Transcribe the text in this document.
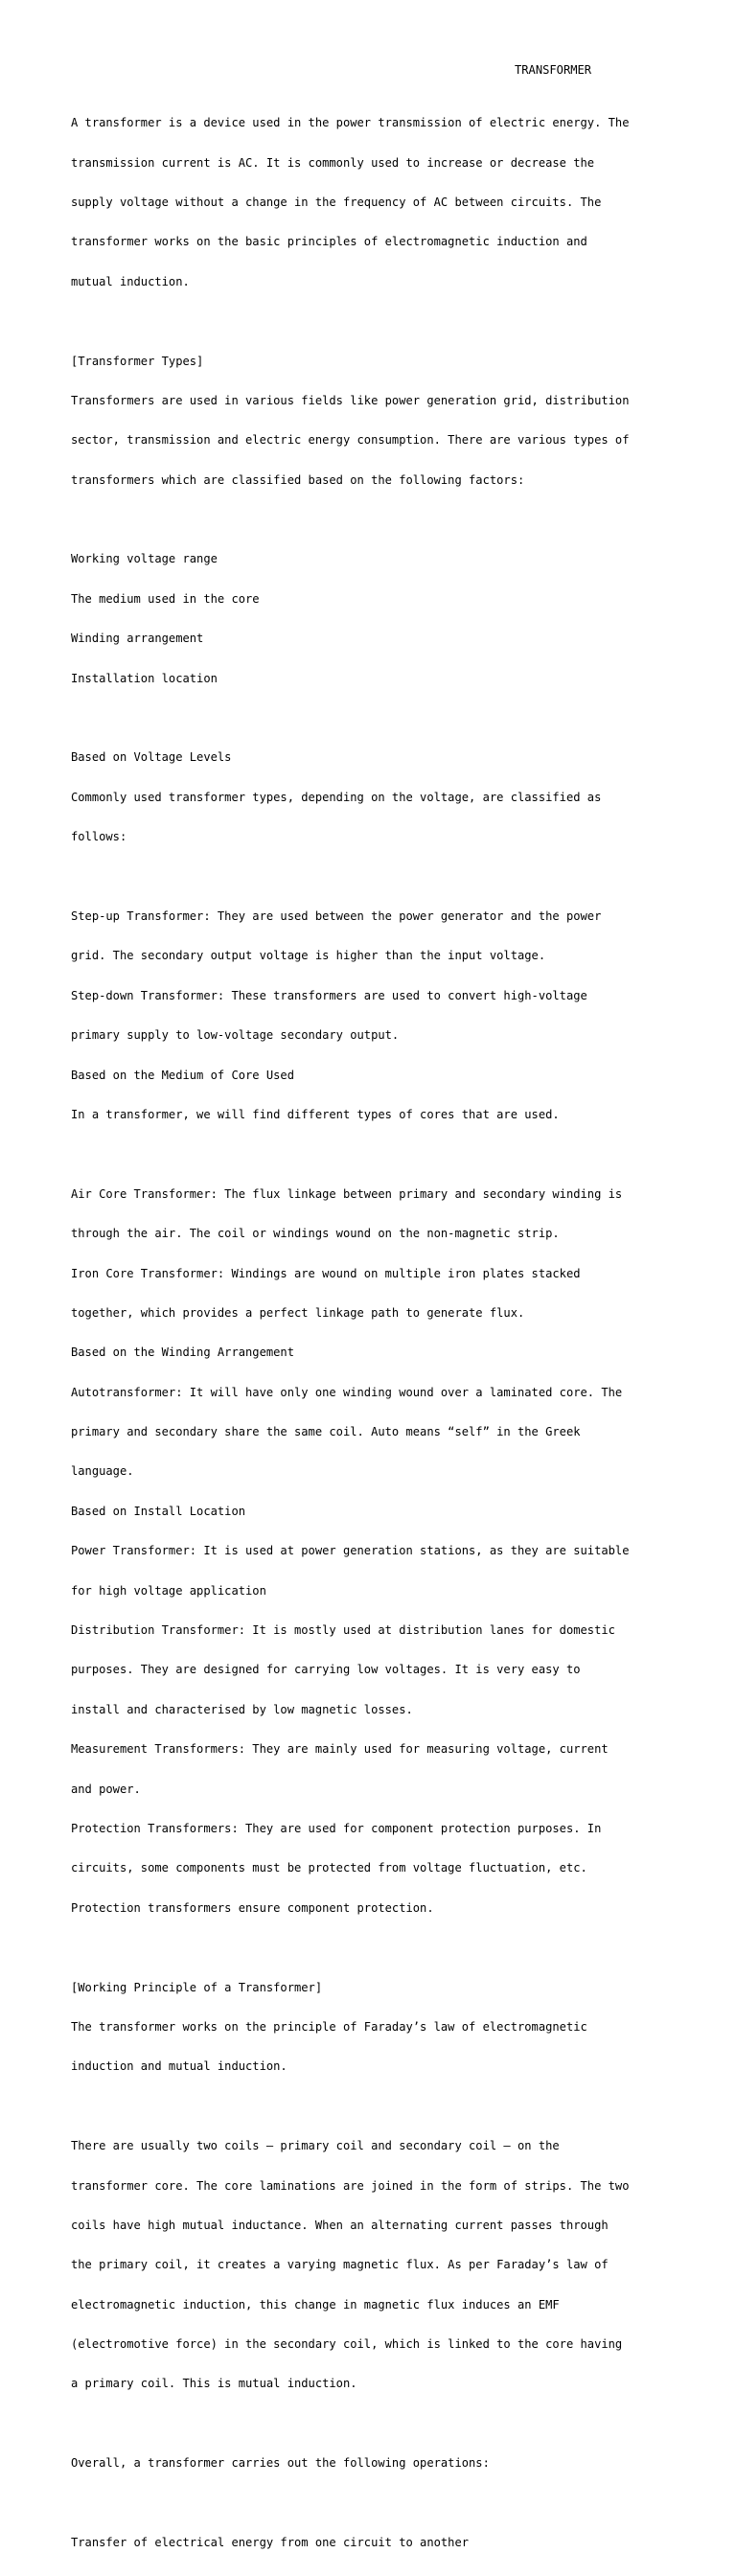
TRANSFORMER

A transformer is a device used in the power transmission of electric energy. The

transmission current is AC. It is commonly used to increase or decrease the

supply voltage without a change in the frequency of AC between circuits. The

transformer works on the basic principles of electromagnetic induction and

mutual induction.

[Transformer Types]

Transformers are used in various fields like power generation grid, distribution

sector, transmission and electric energy consumption. There are various types of

transformers which are classified based on the following factors:

Working voltage range

The medium used in the core

Winding arrangement

Installation location

Based on Voltage Levels

Commonly used transformer types, depending on the voltage, are classified as

follows:

Step-up Transformer: They are used between the power generator and the power

grid. The secondary output voltage is higher than the input voltage.

Step-down Transformer: These transformers are used to convert high-voltage

primary supply to low-voltage secondary output.

Based on the Medium of Core Used

In a transformer, we will find different types of cores that are used.

Air Core Transformer: The flux linkage between primary and secondary winding is

through the air. The coil or windings wound on the non-magnetic strip.

Iron Core Transformer: Windings are wound on multiple iron plates stacked

together, which provides a perfect linkage path to generate flux.

Based on the Winding Arrangement

Autotransformer: It will have only one winding wound over a laminated core. The

primary and secondary share the same coil. Auto means “self” in the Greek

language.

Based on Install Location

Power Transformer: It is used at power generation stations, as they are suitable

for high voltage application

Distribution Transformer: It is mostly used at distribution lanes for domestic

purposes. They are designed for carrying low voltages. It is very easy to

install and characterised by low magnetic losses.

Measurement Transformers: They are mainly used for measuring voltage, current

and power.

Protection Transformers: They are used for component protection purposes. In

circuits, some components must be protected from voltage fluctuation, etc.

Protection transformers ensure component protection.

[Working Principle of a Transformer]

The transformer works on the principle of Faraday’s law of electromagnetic

induction and mutual induction.

There are usually two coils – primary coil and secondary coil – on the

transformer core. The core laminations are joined in the form of strips. The two

coils have high mutual inductance. When an alternating current passes through

the primary coil, it creates a varying magnetic flux. As per Faraday’s law of

electromagnetic induction, this change in magnetic flux induces an EMF

(electromotive force) in the secondary coil, which is linked to the core having

a primary coil. This is mutual induction.

Overall, a transformer carries out the following operations:

Transfer of electrical energy from one circuit to another
